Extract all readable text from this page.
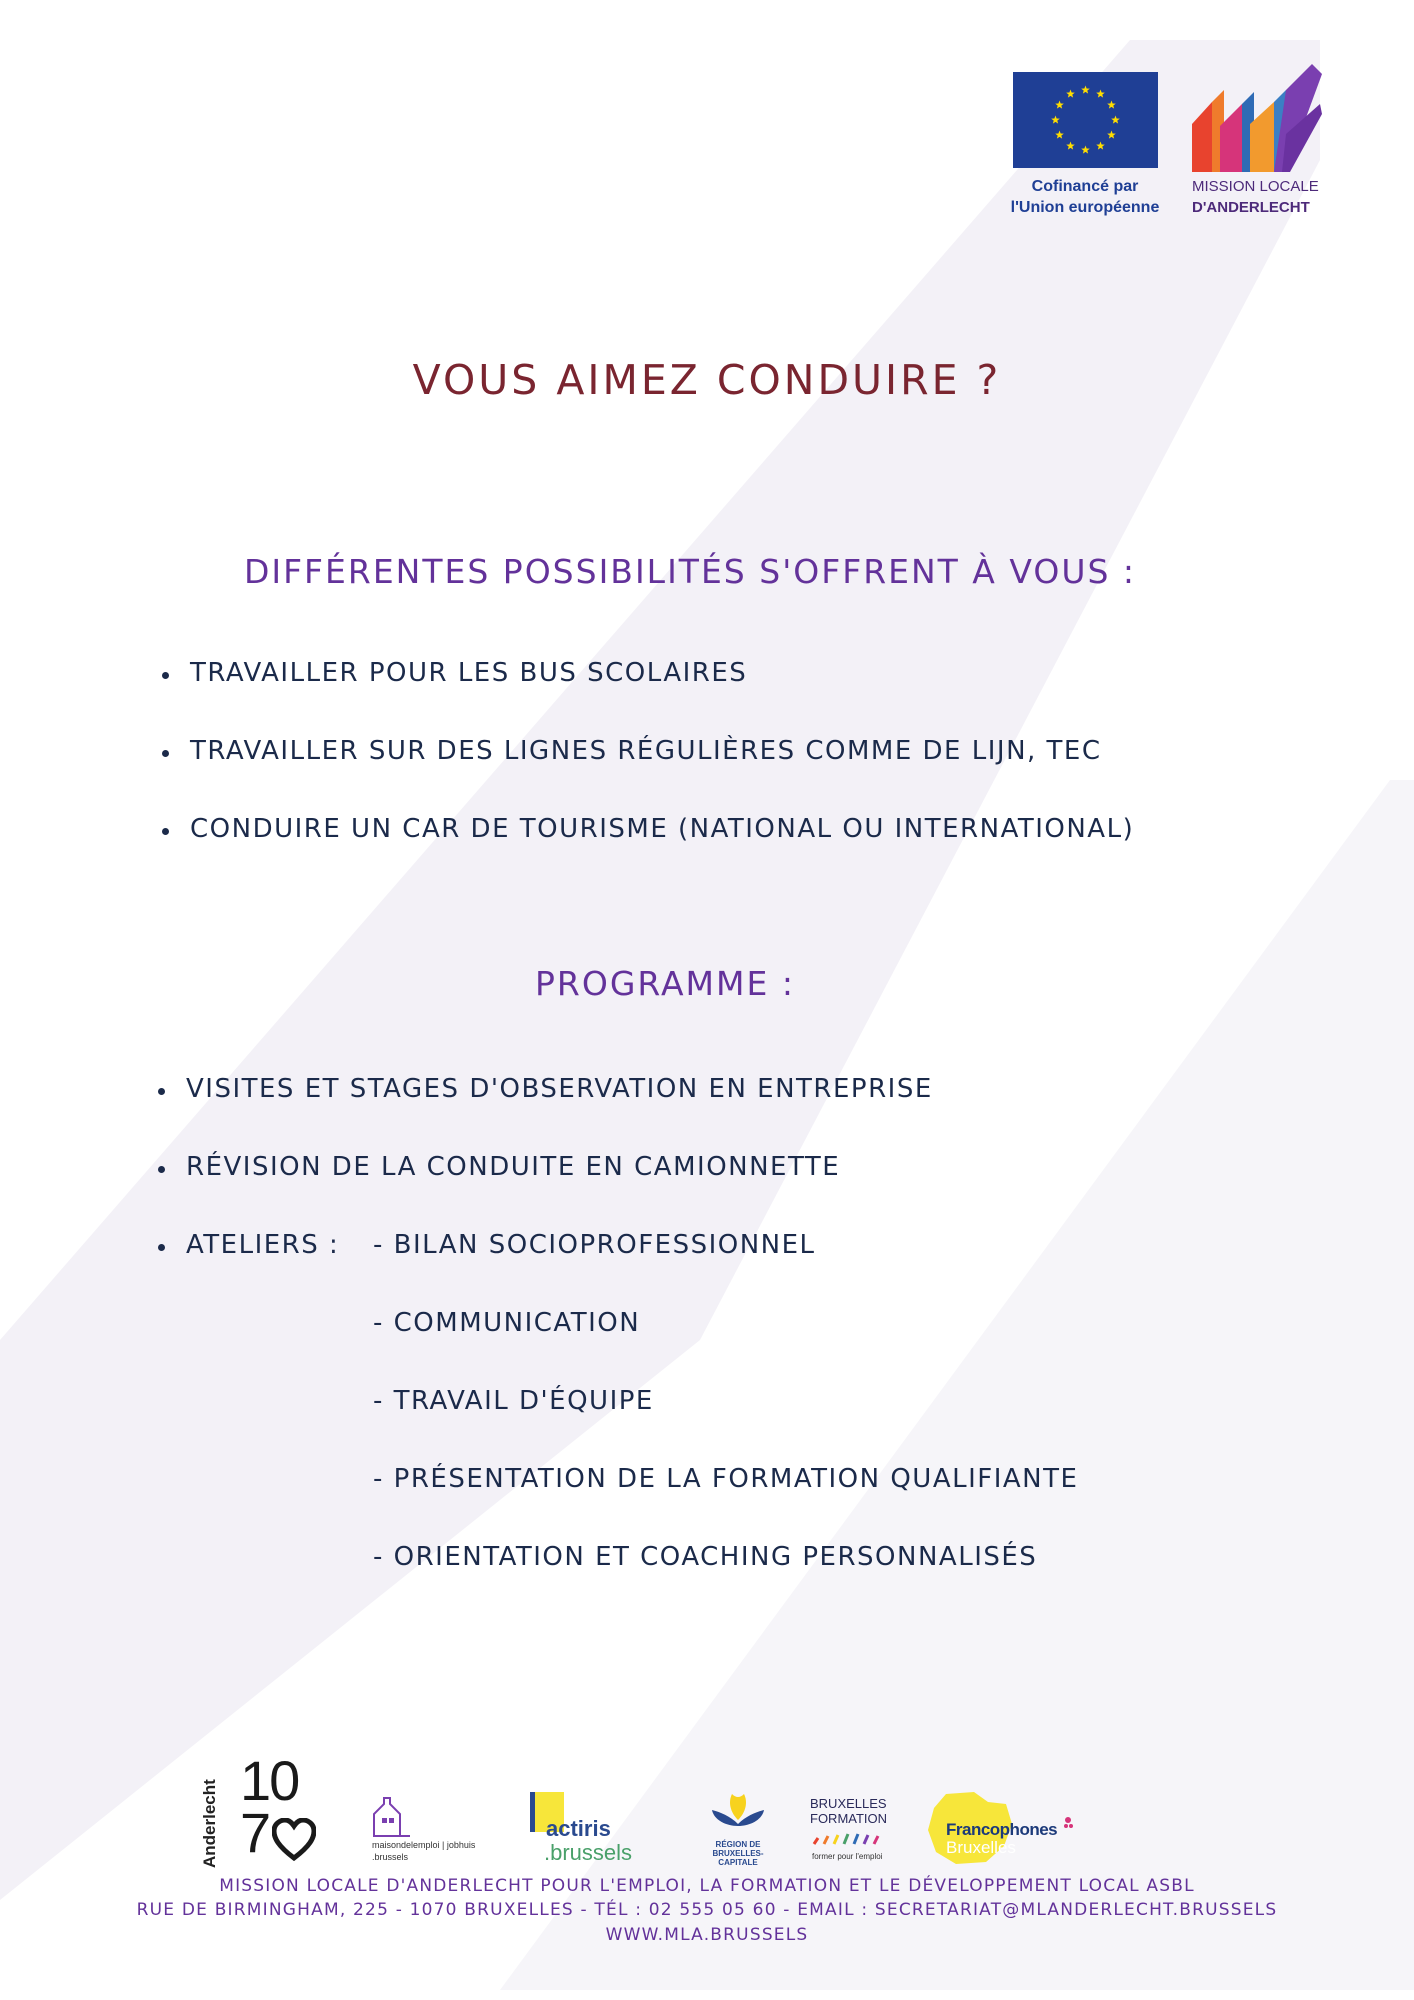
Cofinancé par
l'Union européenne
MISSION LOCALE
D'ANDERLECHT
VOUS AIMEZ CONDUIRE ?
DIFFÉRENTES POSSIBILITÉS S'OFFRENT À VOUS :
TRAVAILLER POUR LES BUS SCOLAIRES
TRAVAILLER SUR DES LIGNES RÉGULIÈRES COMME DE LIJN, TEC
CONDUIRE UN CAR DE TOURISME (NATIONAL OU INTERNATIONAL)
PROGRAMME :
VISITES ET STAGES D'OBSERVATION EN ENTREPRISE
RÉVISION DE LA CONDUITE EN CAMIONNETTE
ATELIERS :	- BILAN SOCIOPROFESSIONNEL
- COMMUNICATION
- TRAVAIL D'ÉQUIPE
- PRÉSENTATION DE LA FORMATION QUALIFIANTE
- ORIENTATION ET COACHING PERSONNALISÉS
Anderlecht 10
7	maisondelemploi | jobhuis
.brussels
actiris
.brussels	RÉGION DE
BRUXELLES-
CAPITALE
BRUXELLES
FORMATION
former pour l'emploi
Francophones
Bruxelles
MISSION LOCALE D'ANDERLECHT POUR L'EMPLOI, LA FORMATION ET LE DÉVELOPPEMENT LOCAL ASBL
RUE DE BIRMINGHAM, 225 - 1070 BRUXELLES - TÉL : 02 555 05 60 - EMAIL : SECRETARIAT@MLANDERLECHT.BRUSSELS
WWW.MLA.BRUSSELS
